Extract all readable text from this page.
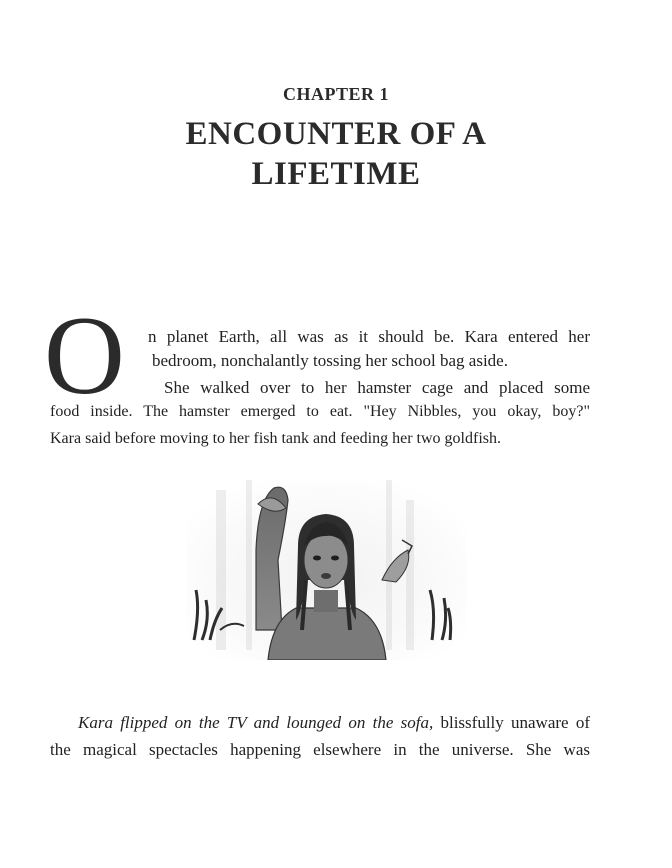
CHAPTER 1
ENCOUNTER OF A
LIFETIME
O n planet Earth, all was as it should be. Kara entered her
bedroom, nonchalantly tossing her school bag aside.
She walked over to her hamster cage and placed some
food inside. The hamster emerged to eat. "Hey Nibbles, you okay, boy?"
Kara said before moving to her fish tank and feeding her two goldfish.
Kara flipped on the TV and lounged on the sofa, blissfully unaware of
the magical spectacles happening elsewhere in the universe. She was
